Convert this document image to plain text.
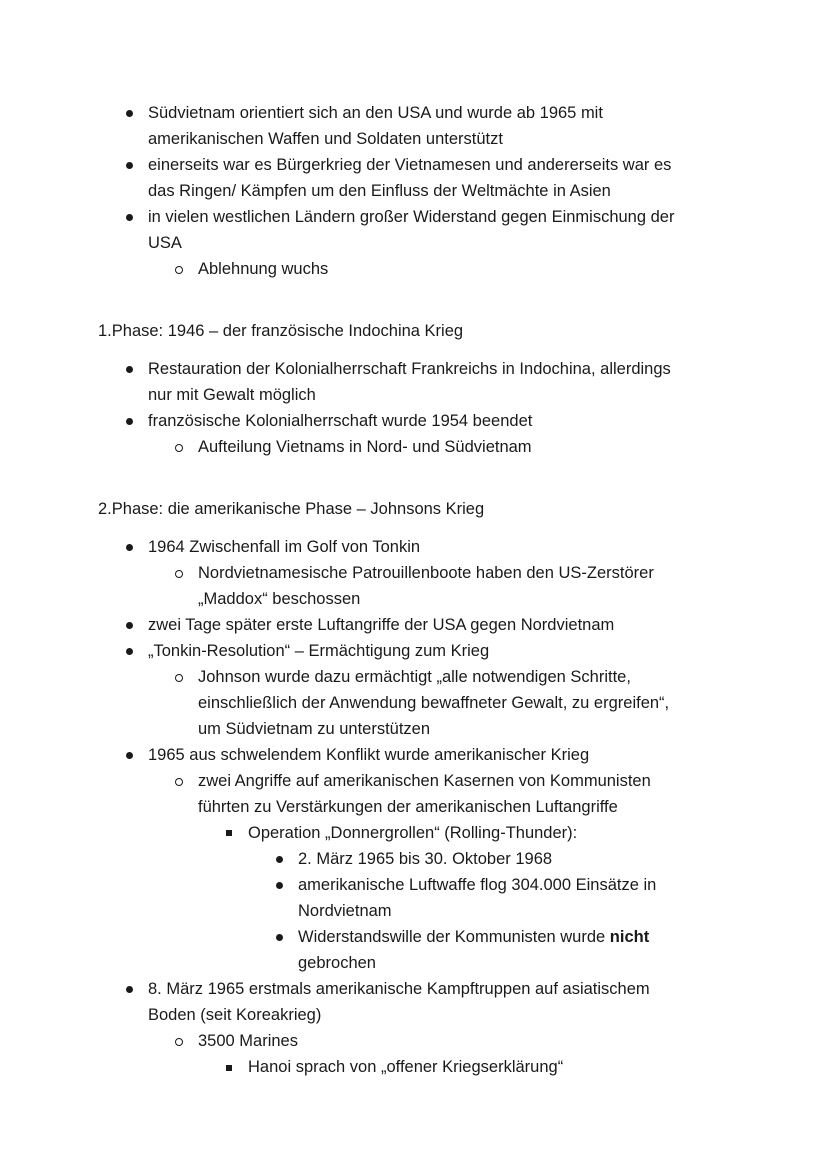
Südvietnam orientiert sich an den USA und wurde ab 1965 mit
amerikanischen Waffen und Soldaten unterstützt
einerseits war es Bürgerkrieg der Vietnamesen und andererseits war es
das Ringen/ Kämpfen um den Einfluss der Weltmächte in Asien
in vielen westlichen Ländern großer Widerstand gegen Einmischung der
USA
Ablehnung wuchs
1.Phase: 1946 – der französische Indochina Krieg
Restauration der Kolonialherrschaft Frankreichs in Indochina, allerdings
nur mit Gewalt möglich
französische Kolonialherrschaft wurde 1954 beendet
Aufteilung Vietnams in Nord- und Südvietnam
2.Phase: die amerikanische Phase – Johnsons Krieg
1964 Zwischenfall im Golf von Tonkin
Nordvietnamesische Patrouillenboote haben den US-Zerstörer
„Maddox“ beschossen
zwei Tage später erste Luftangriffe der USA gegen Nordvietnam
„Tonkin-Resolution“ – Ermächtigung zum Krieg
Johnson wurde dazu ermächtigt „alle notwendigen Schritte,
einschließlich der Anwendung bewaffneter Gewalt, zu ergreifen“,
um Südvietnam zu unterstützen
1965 aus schwelendem Konflikt wurde amerikanischer Krieg
zwei Angriffe auf amerikanischen Kasernen von Kommunisten
führten zu Verstärkungen der amerikanischen Luftangriffe
Operation „Donnergrollen“ (Rolling-Thunder):
2. März 1965 bis 30. Oktober 1968
amerikanische Luftwaffe flog 304.000 Einsätze in
Nordvietnam
Widerstandswille der Kommunisten wurde nicht
gebrochen
8. März 1965 erstmals amerikanische Kampftruppen auf asiatischem
Boden (seit Koreakrieg)
3500 Marines
Hanoi sprach von „offener Kriegserklärung“
